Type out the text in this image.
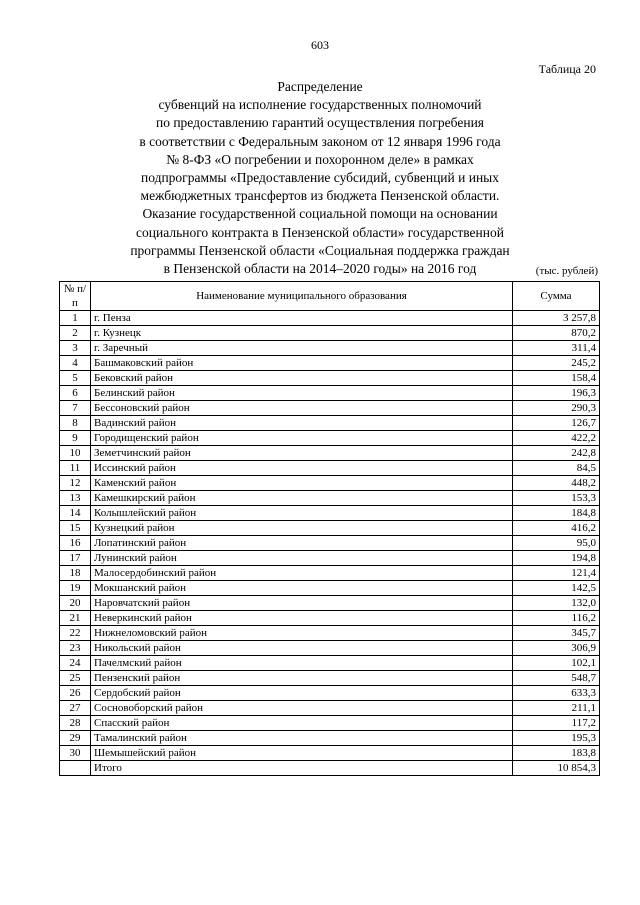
603
Таблица 20
Распределение
субвенций на исполнение государственных полномочий
по предоставлению гарантий осуществления погребения
в соответствии с Федеральным законом от 12 января 1996 года
№ 8-ФЗ «О погребении и похоронном деле» в рамках
подпрограммы «Предоставление субсидий, субвенций и иных
межбюджетных трансфертов из бюджета Пензенской области.
Оказание государственной социальной помощи на основании
социального контракта в Пензенской области» государственной
программы Пензенской области «Социальная поддержка граждан
в Пензенской области на 2014–2020 годы» на 2016 год	(тыс. рублей)
№ п/п	Наименование муниципального образования	Сумма
1	г. Пенза	3 257,8
2	г. Кузнецк	870,2
3	г. Заречный	311,4
4	Башмаковский район	245,2
5	Бековский район	158,4
6	Белинский район	196,3
7	Бессоновский район	290,3
8	Вадинский район	126,7
9	Городищенский район	422,2
10	Земетчинский район	242,8
11	Иссинский район	84,5
12	Каменский район	448,2
13	Камешкирский район	153,3
14	Колышлейский район	184,8
15	Кузнецкий район	416,2
16	Лопатинский район	95,0
17	Лунинский район	194,8
18	Малосердобинский район	121,4
19	Мокшанский район	142,5
20	Наровчатский район	132,0
21	Неверкинский район	116,2
22	Нижнеломовский район	345,7
23	Никольский район	306,9
24	Пачелмский район	102,1
25	Пензенский район	548,7
26	Сердобский район	633,3
27	Сосновоборский район	211,1
28	Спасский район	117,2
29	Тамалинский район	195,3
30	Шемышейский район	183,8
	Итого	10 854,3
